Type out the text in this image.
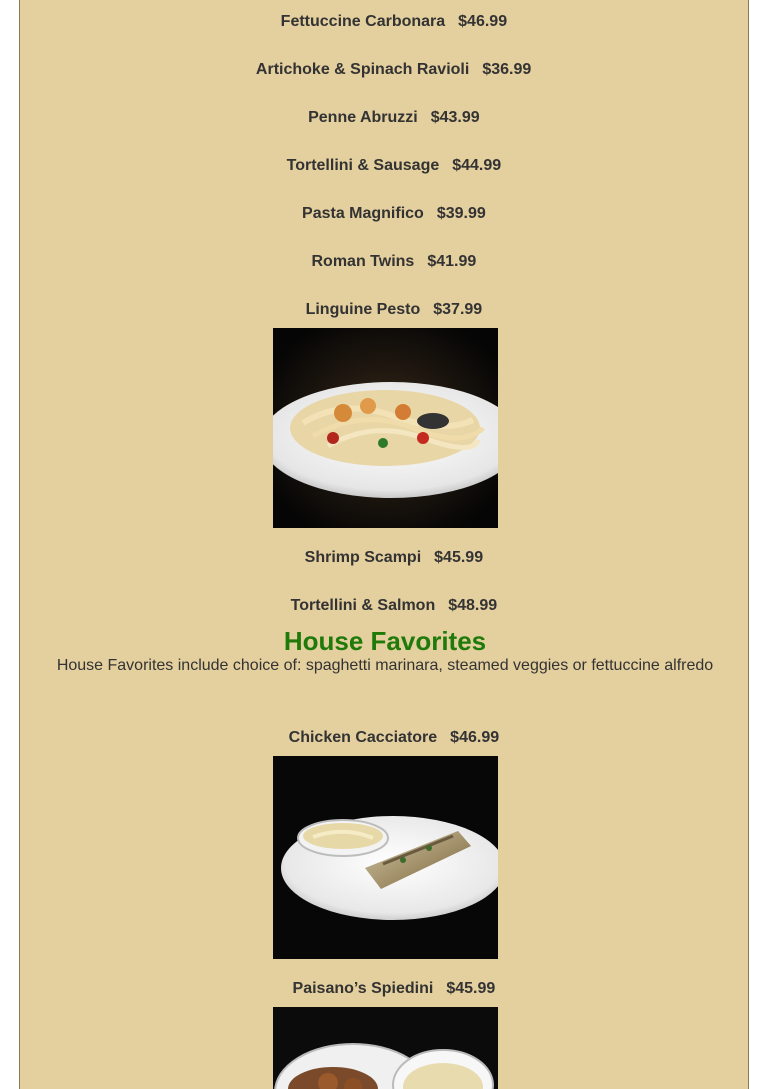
Fettuccine Carbonara $46.99

Artichoke & Spinach Ravioli $36.99

Penne Abruzzi $43.99

Tortellini & Sausage $44.99

Pasta Magnifico $39.99

Roman Twins $41.99

Linguine Pesto $37.99

Shrimp Scampi $45.99

Tortellini & Salmon $48.99

House Favorites
House Favorites include choice of: spaghetti marinara, steamed veggies or fettuccine alfredo

Chicken Cacciatore $46.99

Paisano’s Spiedini $45.99
